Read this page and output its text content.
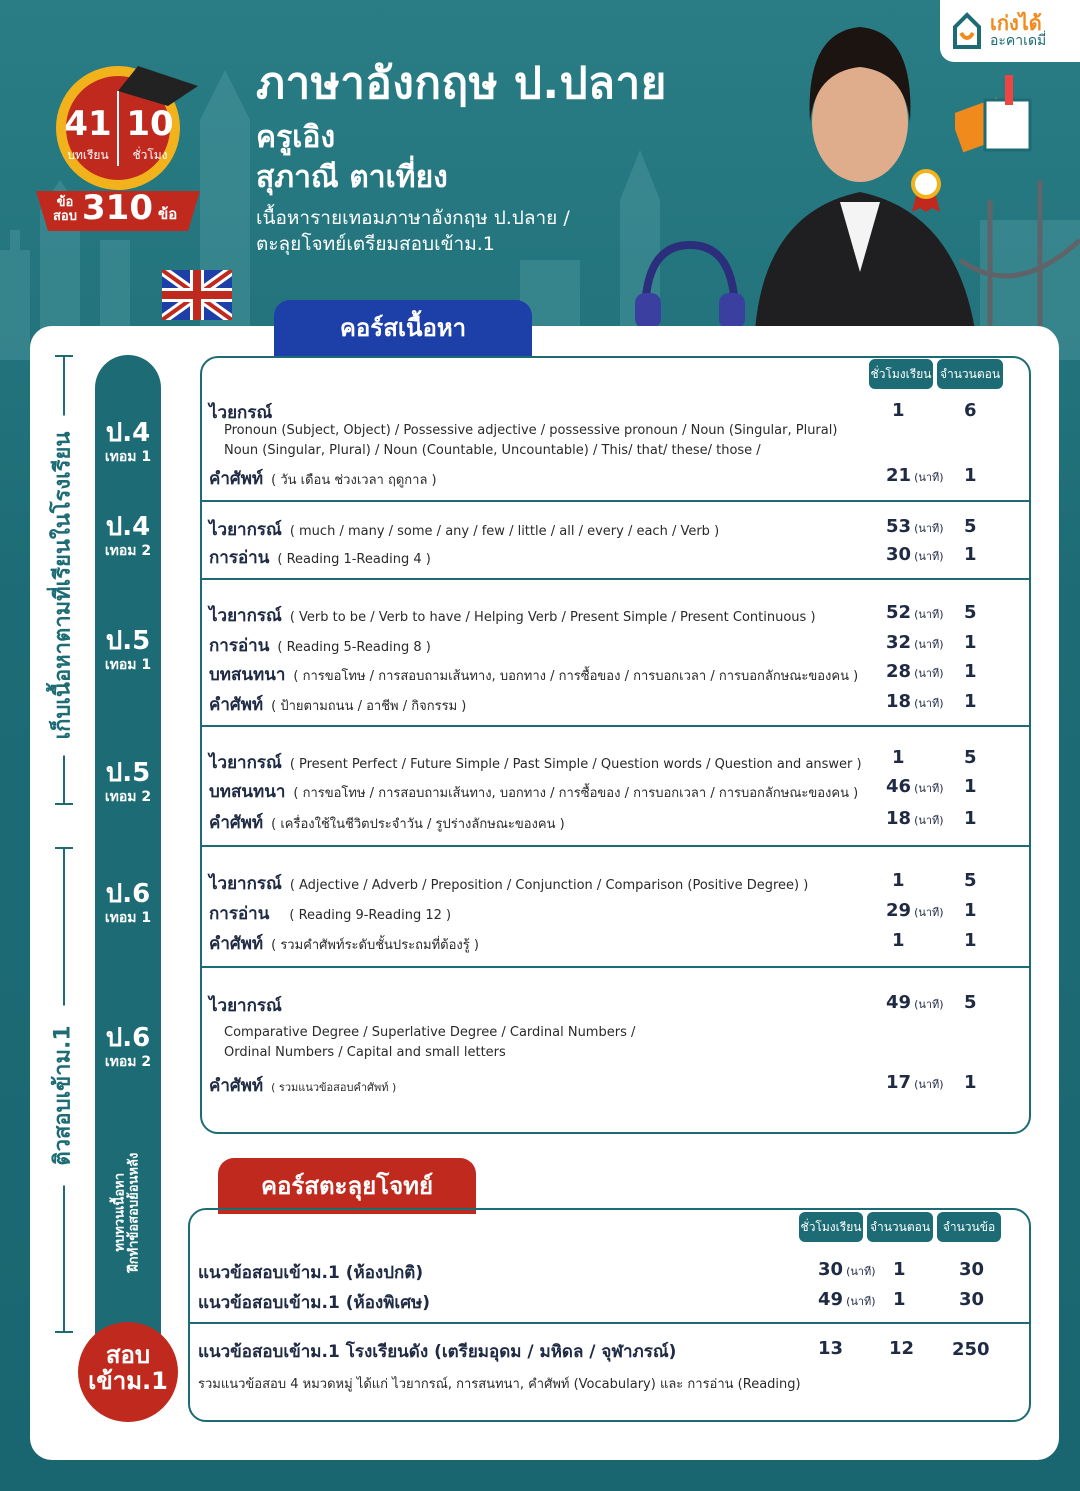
เก่งได้
อะคาเดมี่
41
บทเรียน
10
ชั่วโมง
ข้อ
สอบ 310 ข้อ
ภาษาอังกฤษ ป.ปลาย
ครูเอิง
สุภาณี ตาเที่ยง
เนื้อหารายเทอมภาษาอังกฤษ ป.ปลาย /
ตะลุยโจทย์เตรียมสอบเข้าม.1
เก็บเนื้อหาตามที่เรียนในโรงเรียน
ติวสอบเข้าม.1
ป.4
เทอม 1
ป.4
เทอม 2
ป.5
เทอม 1
ป.5
เทอม 2
ป.6
เทอม 1
ป.6
เทอม 2
ทบทวนเนื้อหา ฝึกทำข้อสอบย้อนหลัง
สอบ
เข้าม.1
คอร์สเนื้อหา
ชั่วโมงเรียน จำนวนตอน
ไวยกรณ์	1	6
Pronoun (Subject, Object) / Possessive adjective / possessive pronoun / Noun (Singular, Plural)
Noun (Singular, Plural) / Noun (Countable, Uncountable) / This/ that/ these/ those /
คำศัพท์ ( วัน เดือน ช่วงเวลา ฤดูกาล )	21 (นาที) 1
ไวยากรณ์ ( much / many / some / any / few / little / all / every / each / Verb )	53 (นาที) 5
การอ่าน ( Reading 1-Reading 4 )	30 (นาที) 1
ไวยากรณ์ ( Verb to be / Verb to have / Helping Verb / Present Simple / Present Continuous )	52 (นาที) 5
การอ่าน ( Reading 5-Reading 8 )	32 (นาที) 1
บทสนทนา ( การขอโทษ / การสอบถามเส้นทาง, บอกทาง / การซื้อของ / การบอกเวลา / การบอกลักษณะของคน ) 28 (นาที) 1
คำศัพท์ ( ป้ายตามถนน / อาชีพ / กิจกรรม )	18 (นาที) 1
ไวยากรณ์ ( Present Perfect / Future Simple / Past Simple / Question words / Question and answer ) 1	5
บทสนทนา ( การขอโทษ / การสอบถามเส้นทาง, บอกทาง / การซื้อของ / การบอกเวลา / การบอกลักษณะของคน ) 46 (นาที) 1
คำศัพท์ ( เครื่องใช้ในชีวิตประจำวัน / รูปร่างลักษณะของคน )	18 (นาที) 1
ไวยากรณ์ ( Adjective / Adverb / Preposition / Conjunction / Comparison (Positive Degree) )	1	5
การอ่าน ( Reading 9-Reading 12 )	29 (นาที) 1
คำศัพท์ ( รวมคำศัพท์ระดับชั้นประถมที่ต้องรู้ )	1	1
ไวยากรณ์	49 (นาที) 5
Comparative Degree / Superlative Degree / Cardinal Numbers /
Ordinal Numbers / Capital and small letters
คำศัพท์ ( รวมแนวข้อสอบคำศัพท์ )	17 (นาที) 1
คอร์สตะลุยโจทย์
ชั่วโมงเรียน จำนวนตอน	จำนวนข้อ
แนวข้อสอบเข้าม.1 (ห้องปกติ)	30 (นาที) 1	30
แนวข้อสอบเข้าม.1 (ห้องพิเศษ)	49 (นาที) 1	30
แนวข้อสอบเข้าม.1 โรงเรียนดัง (เตรียมอุดม / มหิดล / จุฬาภรณ์)	13	12 250
รวมแนวข้อสอบ 4 หมวดหมู่ ได้แก่ ไวยากรณ์, การสนทนา, คำศัพท์ (Vocabulary) และ การอ่าน (Reading)
